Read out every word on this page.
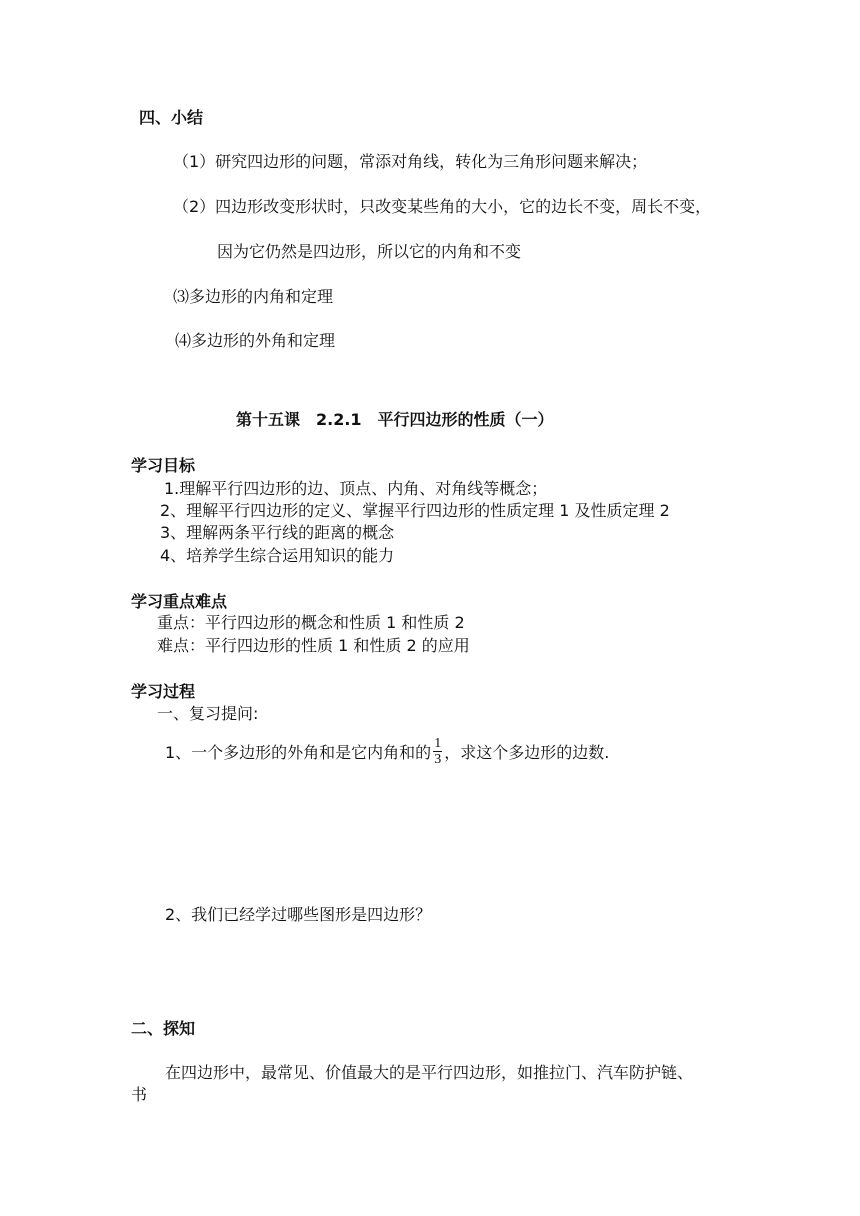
四、小结
（1）研究四边形的问题，常添对角线，转化为三角形问题来解决；
（2）四边形改变形状时，只改变某些角的大小，它的边长不变，周长不变，
因为它仍然是四边形，所以它的内角和不变
⑶多边形的内角和定理
⑷多边形的外角和定理
第十五课　2.2.1　平行四边形的性质（一）
学习目标
1.理解平行四边形的边、顶点、内角、对角线等概念；
2、理解平行四边形的定义、掌握平行四边形的性质定理 1 及性质定理 2
3、理解两条平行线的距离的概念
4、培养学生综合运用知识的能力
学习重点难点
重点：平行四边形的概念和性质 1 和性质 2
难点：平行四边形的性质 1 和性质 2 的应用
学习过程
一、复习提问:
1、一个多边形的外角和是它内角和的 $\frac{1}{3}$ ，求这个多边形的边数.
2、我们已经学过哪些图形是四边形？
二、探知
在四边形中，最常见、价值最大的是平行四边形，如推拉门、汽车防护链、
书
